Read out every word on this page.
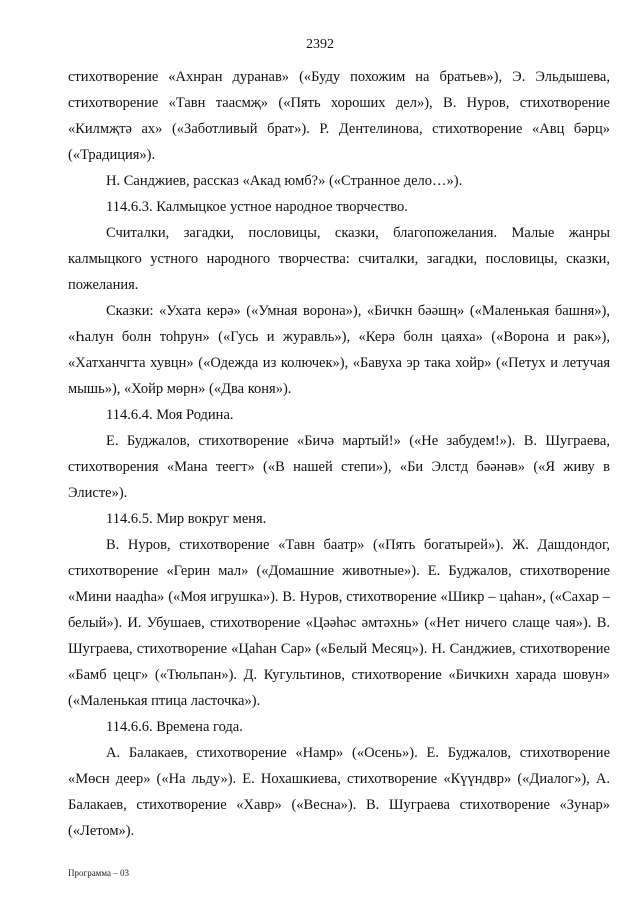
2392

стихотворение «Ахнран дуранав» («Буду похожим на братьев»), Э. Эльдышева, стихотворение «Тавн таасмҗ» («Пять хороших дел»), В. Нуров, стихотворение «Килмҗтә ах» («Заботливый брат»). Р. Дентелинова, стихотворение «Авц бәрц» («Традиция»).

Н. Санджиев, рассказ «Акад юмб?» («Странное дело…»).

114.6.3. Калмыцкое устное народное творчество.

Считалки, загадки, пословицы, сказки, благопожелания. Малые жанры калмыцкого устного народного творчества: считалки, загадки, пословицы, сказки, пожелания.

Сказки: «Ухата керә» («Умная ворона»), «Бичкн бәәшң» («Маленькая башня»), «Һалун болн тоһрун» («Гусь и журавль»), «Керә болн цаяха» («Ворона и рак»), «Хатханчгта хувцн» («Одежда из колючек»), «Бавуха эр така хойр» («Петух и летучая мышь»), «Хойр мөрн» («Два коня»).

114.6.4. Моя Родина.

Е. Буджалов, стихотворение «Бичә мартый!» («Не забудем!»). В. Шуграева, стихотворения «Мана теегт» («В нашей степи»), «Би Элстд бәәнәв» («Я живу в Элисте»).

114.6.5. Мир вокруг меня.

В. Нуров, стихотворение «Тавн баатр» («Пять богатырей»). Ж. Дашдондог, стихотворение «Герин мал» («Домашние животные»). Е. Буджалов, стихотворение «Мини наадһа» («Моя игрушка»). В. Нуров, стихотворение «Шикр – цаһан», («Сахар – белый»). И. Убушаев, стихотворение «Цәәһәс әмтәхнь» («Нет ничего слаще чая»). В. Шуграева, стихотворение «Цаһан Сар» («Белый Месяц»). Н. Санджиев, стихотворение «Бамб цецг» («Тюльпан»). Д. Кугультинов, стихотворение «Бичкихн харада шовун» («Маленькая птица ласточка»).

114.6.6. Времена года.

А. Балакаев, стихотворение «Намр» («Осень»). Е. Буджалов, стихотворение «Мөсн деер» («На льду»). Е. Нохашкиева, стихотворение «Күүндвр» («Диалог»), А. Балакаев, стихотворение «Хавр» («Весна»). В. Шуграева стихотворение «Зунар» («Летом»).

Программа – 03
